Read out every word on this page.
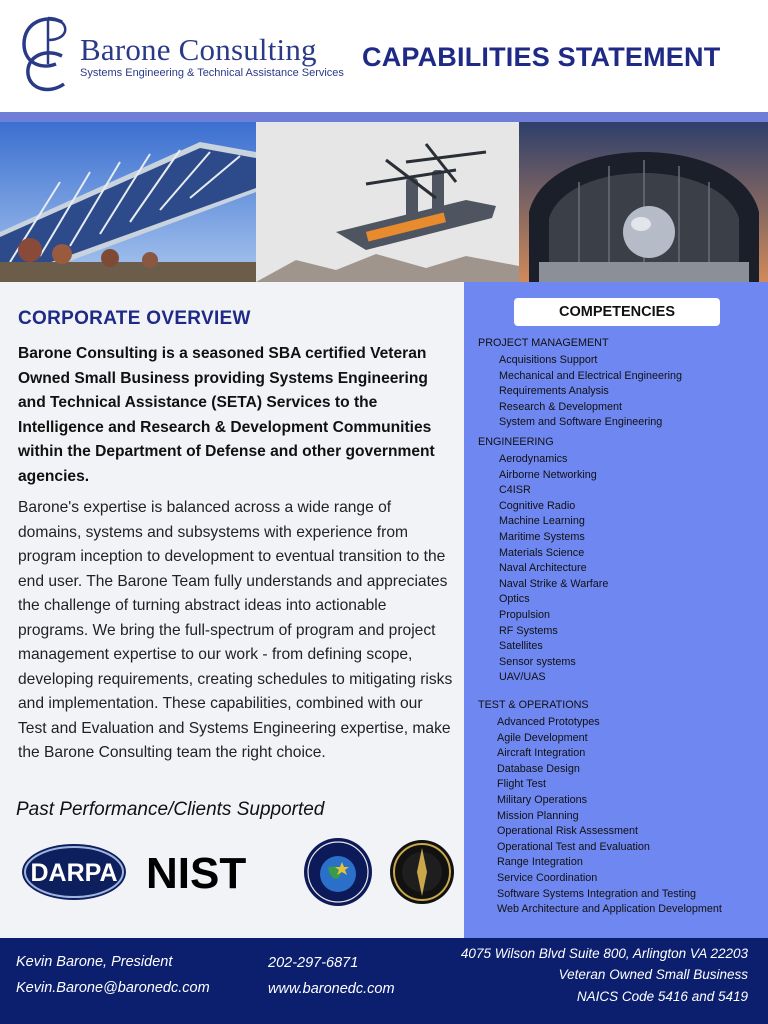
Barone Consulting
Systems Engineering & Technical Assistance Services
CAPABILITIES STATEMENT
CORPORATE OVERVIEW
Barone Consulting is a seasoned SBA certified Veteran Owned Small Business providing Systems Engineering and Technical Assistance (SETA) Services to the Intelligence and Research & Development Communities within the Department of Defense and other government agencies.
Barone's expertise is balanced across a wide range of domains, systems and subsystems with experience from program inception to development to eventual transition to the end user. The Barone Team fully understands and appreciates the challenge of turning abstract ideas into actionable programs. We bring the full-spectrum of program and project management expertise to our work - from defining scope, developing requirements, creating schedules to mitigating risks and implementation. These capabilities, combined with our Test and Evaluation and Systems Engineering expertise, make the Barone Consulting team the right choice.
Past Performance/Clients Supported
DARPA NIST
COMPETENCIES
PROJECT MANAGEMENT
Acquisitions Support
Mechanical and Electrical Engineering
Requirements Analysis
Research & Development
System and Software Engineering
ENGINEERING
Aerodynamics
Airborne Networking
C4ISR
Cognitive Radio
Machine Learning
Maritime Systems
Materials Science
Naval Architecture
Naval Strike & Warfare
Optics
Propulsion
RF Systems
Satellites
Sensor systems
UAV/UAS
TEST & OPERATIONS
Advanced Prototypes
Agile Development
Aircraft Integration
Database Design
Flight Test
Military Operations
Mission Planning
Operational Risk Assessment
Operational Test and Evaluation
Range Integration
Service Coordination
Software Systems Integration and Testing
Web Architecture and Application Development
Kevin Barone, President
Kevin.Barone@baronedc.com
202-297-6871
www.baronedc.com
4075 Wilson Blvd Suite 800, Arlington VA 22203
Veteran Owned Small Business
NAICS Code 5416 and 5419
